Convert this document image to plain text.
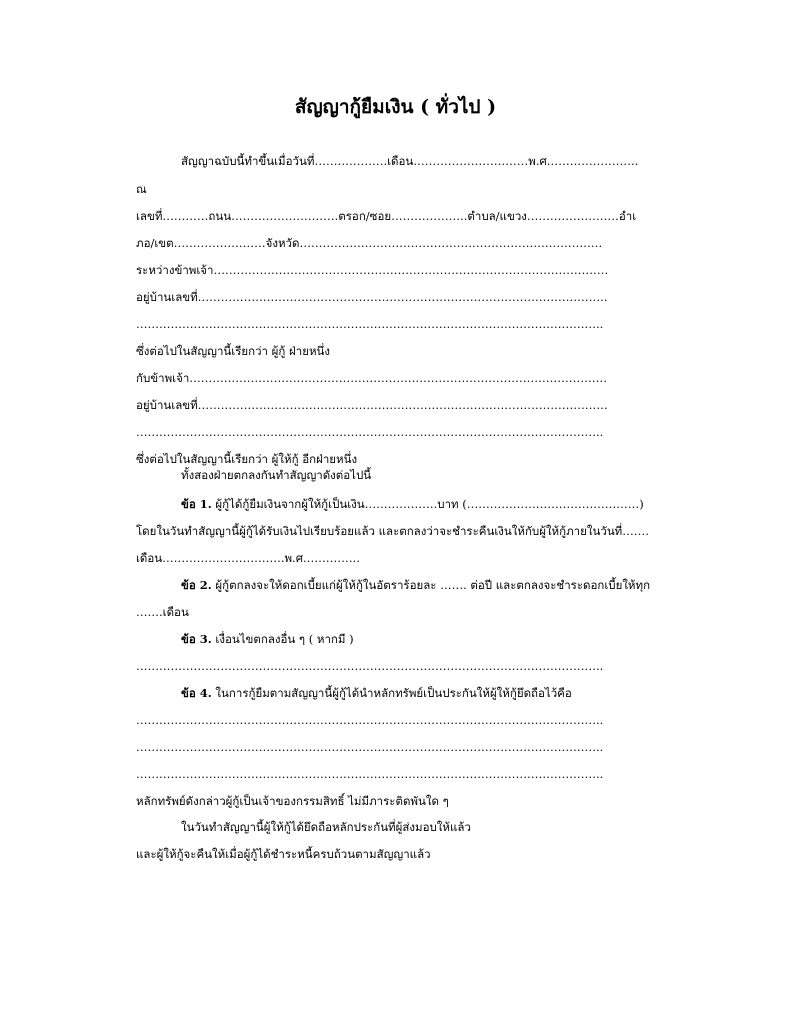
สัญญากู้ยืมเงิน ( ทั่วไป )
สัญญาฉบับนี้ทำขึ้นเมื่อวันที่……………….เดือน…………………………พ.ศ.…………………..
ณ
เลขที่…………ถนน……………………….ตรอก/ซอย………………..ตำบล/แขวง……………………อำเ
ภอ/เขต……………………จังหวัด…………………………………………………………………….
ระหว่างข้าพเจ้า………………………………………………………………………………………….
อยู่บ้านเลขที่……………………………………………………………………………………………..
…………………………………………………………………………………………………………..
ซึ่งต่อไปในสัญญานี้เรียกว่า ผู้กู้ ฝ่ายหนึ่ง
กับข้าพเจ้า……………………………………………………………………………………………….
อยู่บ้านเลขที่……………………………………………………………………………………………..
…………………………………………………………………………………………………………..
ซึ่งต่อไปในสัญญานี้เรียกว่า ผู้ให้กู้ อีกฝ่ายหนึ่ง
ทั้งสองฝ่ายตกลงกันทำสัญญาดังต่อไปนี้
ข้อ 1. ผู้กู้ได้กู้ยืมเงินจากผู้ให้กู้เป็นเงิน……………….บาท (………………………………………)
โดยในวันทำสัญญานี้ผู้กู้ได้รับเงินไปเรียบร้อยแล้ว และตกลงว่าจะชำระคืนเงินให้กับผู้ให้กู้ภายในวันที่…….
เดือน…………………………..พ.ศ.…………..
ข้อ 2. ผู้กู้ตกลงจะให้ดอกเบี้ยแก่ผู้ให้กู้ในอัตราร้อยละ ……. ต่อปี และตกลงจะชำระดอกเบี้ยให้ทุก
…….เดือน
ข้อ 3. เงื่อนไขตกลงอื่น ๆ ( หากมี )
…………………………………………………………………………………………………………..
ข้อ 4. ในการกู้ยืมตามสัญญานี้ผู้กู้ได้นำหลักทรัพย์เป็นประกันให้ผู้ให้กู้ยึดถือไว้คือ
…………………………………………………………………………………………………………..
…………………………………………………………………………………………………………..
…………………………………………………………………………………………………………..
หลักทรัพย์ดังกล่าวผู้กู้เป็นเจ้าของกรรมสิทธิ์ ไม่มีภาระติดพันใด ๆ
ในวันทำสัญญานี้ผู้ให้กู้ได้ยึดถือหลักประกันที่ผู้ส่งมอบให้แล้ว
และผู้ให้กู้จะคืนให้เมื่อผู้กู้ได้ชำระหนี้ครบถ้วนตามสัญญาแล้ว
